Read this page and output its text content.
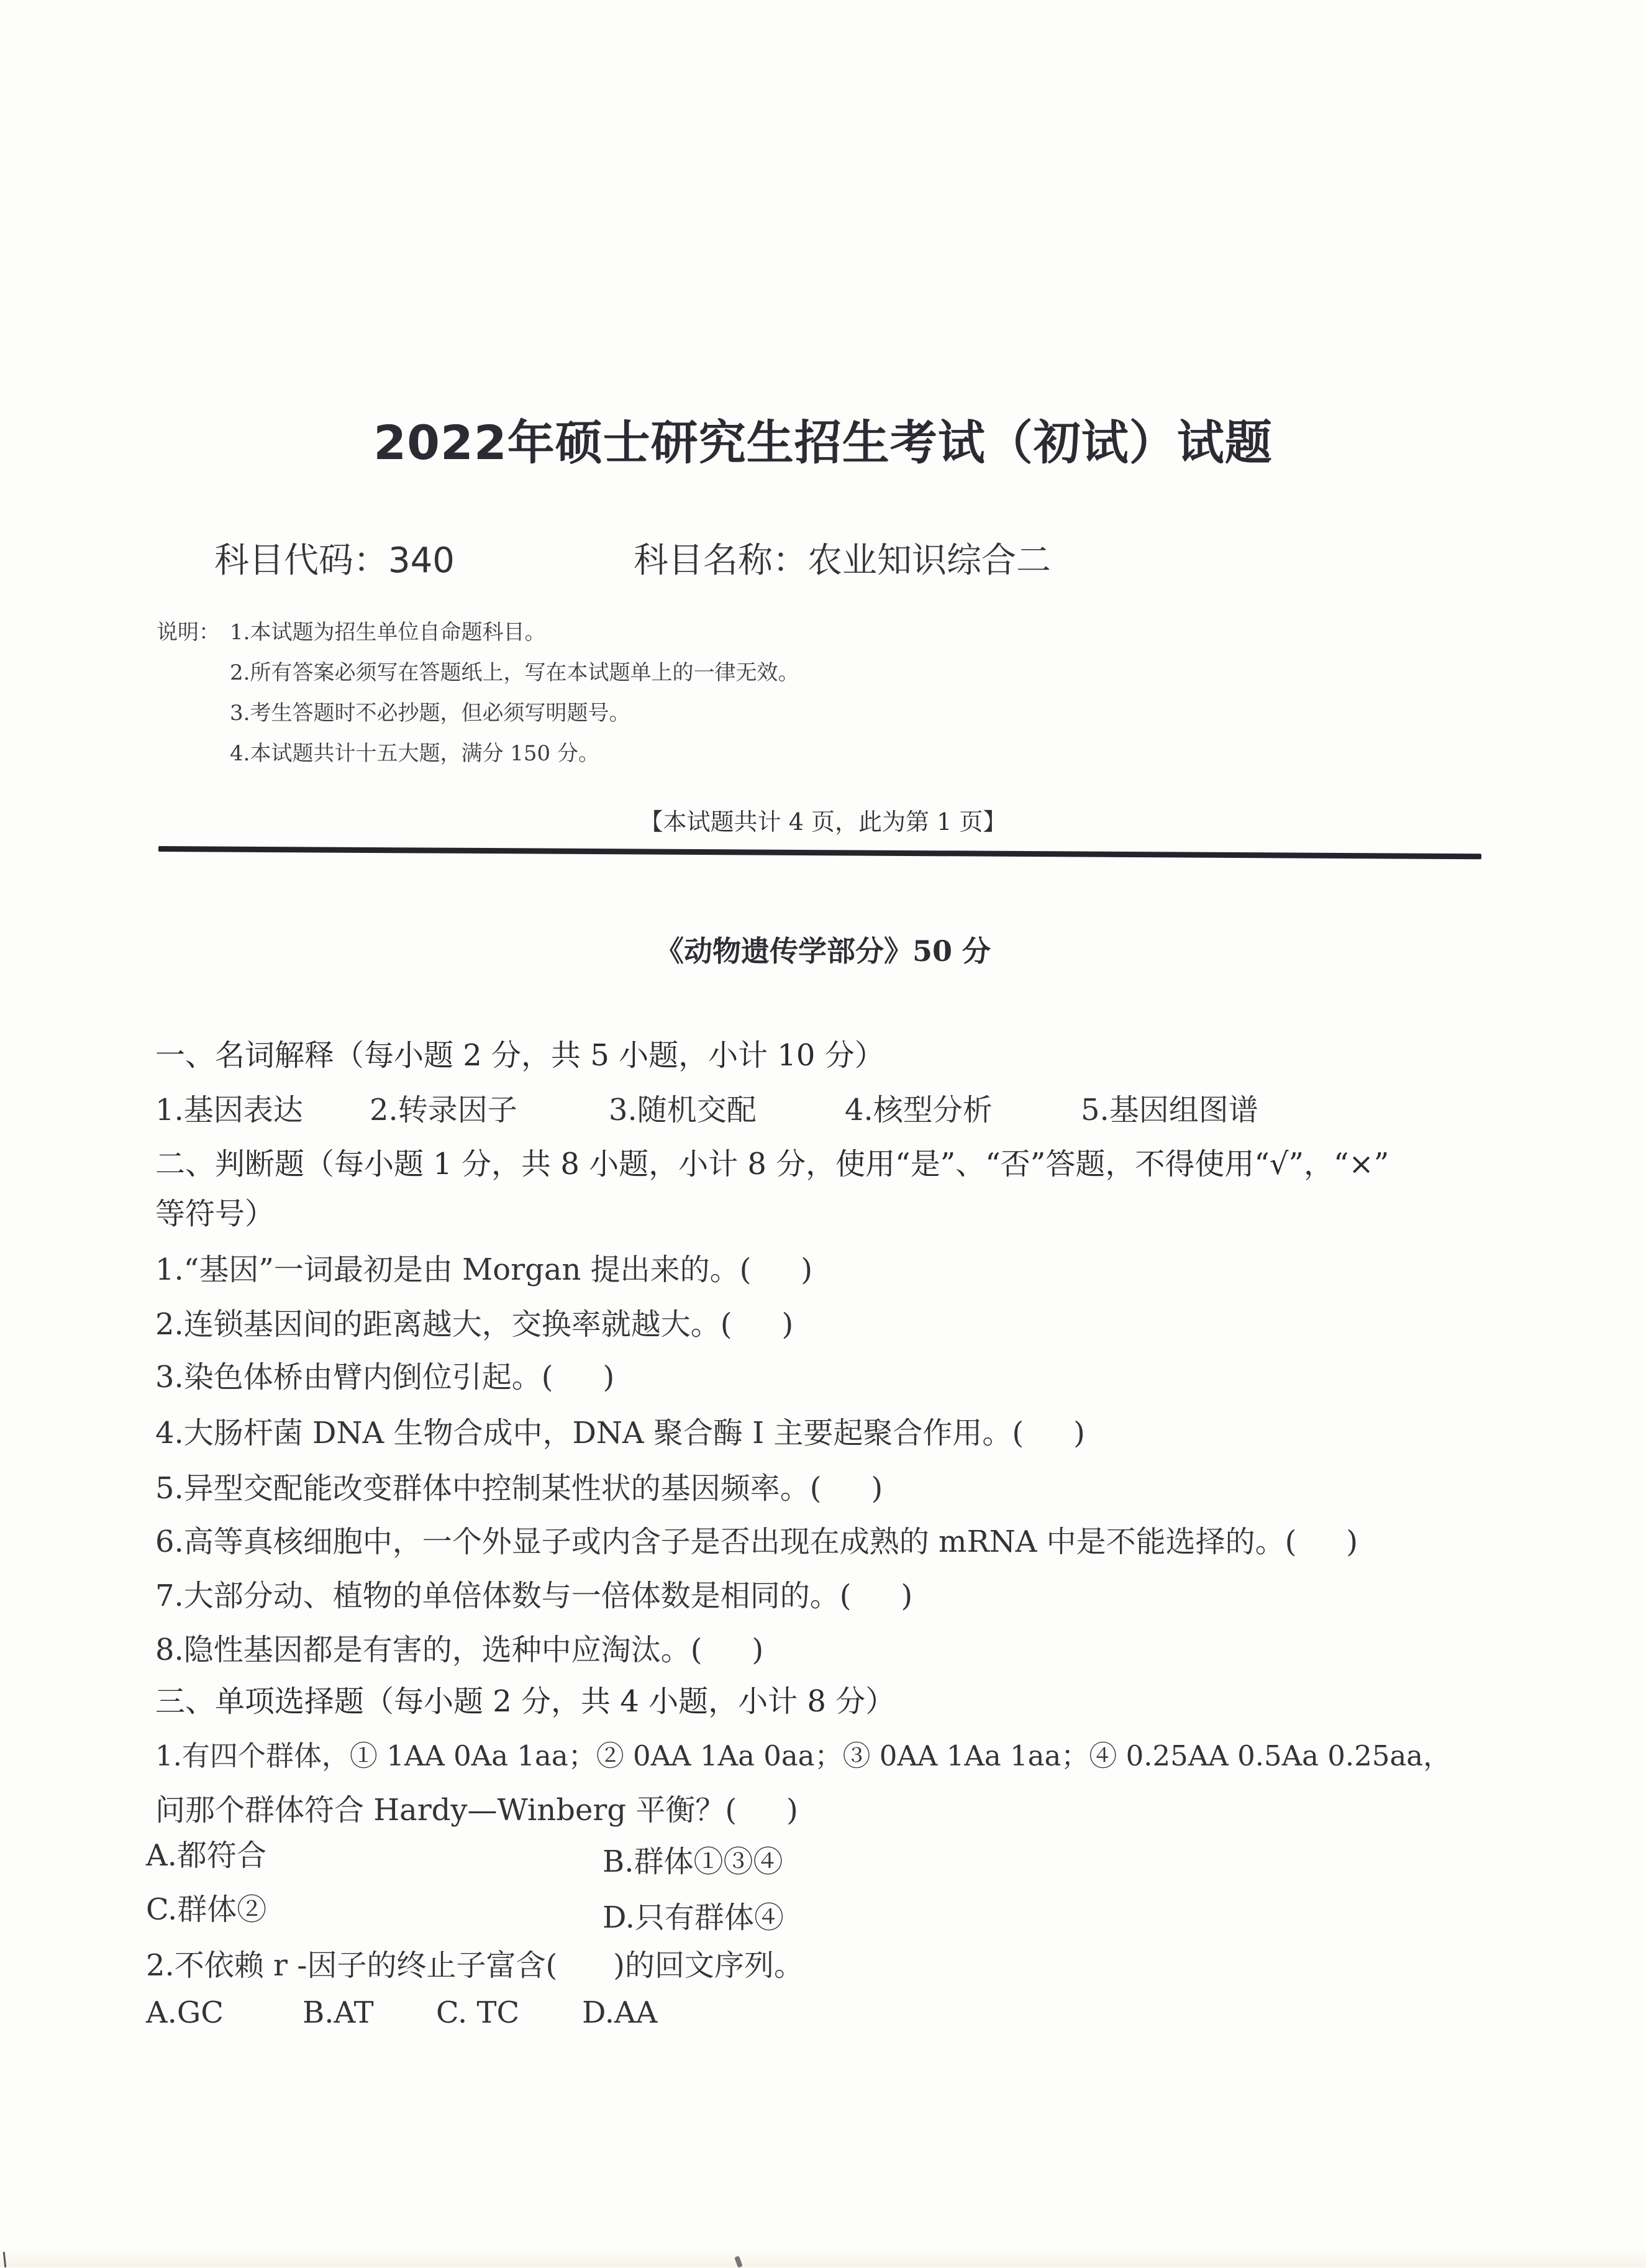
2022年硕士研究生招生考试（初试）试题
科目代码：340	科目名称：农业知识综合二
说明： 1.本试题为招生单位自命题科目。
2.所有答案必须写在答题纸上，写在本试题单上的一律无效。
3.考生答题时不必抄题，但必须写明题号。
4.本试题共计十五大题，满分 150 分。
【本试题共计 4 页，此为第 1 页】
《动物遗传学部分》50 分
一、名词解释（每小题 2 分，共 5 小题，小计 10 分）
1.基因表达	2.转录因子	3.随机交配	4.核型分析	5.基因组图谱
二、判断题（每小题 1 分，共 8 小题，小计 8 分，使用“是”、“否”答题，不得使用“√”，“×”
等符号）
1.“基因”一词最初是由 Morgan 提出来的。( )
2.连锁基因间的距离越大，交换率就越大。( )
3.染色体桥由臂内倒位引起。( )
4.大肠杆菌 DNA 生物合成中，DNA 聚合酶 I 主要起聚合作用。( )
5.异型交配能改变群体中控制某性状的基因频率。( )
6.高等真核细胞中，一个外显子或内含子是否出现在成熟的 mRNA 中是不能选择的。( )
7.大部分动、植物的单倍体数与一倍体数是相同的。( )
8.隐性基因都是有害的，选种中应淘汰。( )
三、单项选择题（每小题 2 分，共 4 小题，小计 8 分）
1.有四个群体，① 1AA 0Aa 1aa；② 0AA 1Aa 0aa；③ 0AA 1Aa 1aa；④ 0.25AA 0.5Aa 0.25aa，
问那个群体符合 Hardy—Winberg 平衡？( )
A.都符合	B.群体①③④
C.群体②	D.只有群体④
2.不依赖 r -因子的终止子富含( )的回文序列。
A.GC	B.AT	C. TC	D.AA
